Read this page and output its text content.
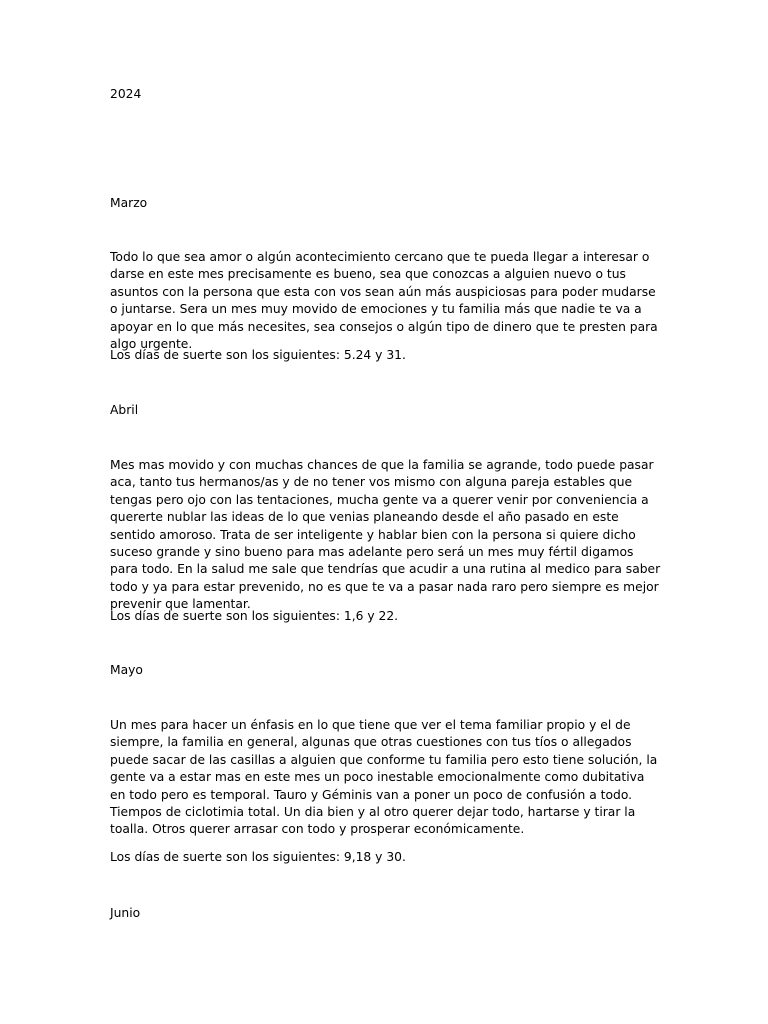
2024
Marzo
Todo lo que sea amor o algún acontecimiento cercano que te pueda llegar a interesar o darse en este mes precisamente es bueno, sea que conozcas a alguien nuevo o tus asuntos con la persona que esta con vos sean aún más auspiciosas para poder mudarse o juntarse. Sera un mes muy movido de emociones y tu familia más que nadie te va a apoyar en lo que más necesites, sea consejos o algún tipo de dinero que te presten para algo urgente.
Los días de suerte son los siguientes: 5.24 y 31.
Abril
Mes mas movido y con muchas chances de que la familia se agrande, todo puede pasar aca, tanto tus hermanos/as y de no tener vos mismo con alguna pareja estables que tengas pero ojo con las tentaciones, mucha gente va a querer venir por conveniencia a quererte nublar las ideas de lo que venias planeando desde el año pasado en este sentido amoroso. Trata de ser inteligente y hablar bien con la persona si quiere dicho suceso grande y sino bueno para mas adelante pero será un mes muy fértil digamos para todo. En la salud me sale que tendrías que acudir a una rutina al medico para saber todo y ya para estar prevenido, no es que te va a pasar nada raro pero siempre es mejor prevenir que lamentar.
Los días de suerte son los siguientes: 1,6 y 22.
Mayo
Un mes para hacer un énfasis en lo que tiene que ver el tema familiar propio y el de siempre, la familia en general, algunas que otras cuestiones con tus tíos o allegados puede sacar de las casillas a alguien que conforme tu familia pero esto tiene solución, la gente va a estar mas en este mes un poco inestable emocionalmente como dubitativa en todo pero es temporal. Tauro y Géminis van a poner un poco de confusión a todo. Tiempos de ciclotimia total. Un dia bien y al otro querer dejar todo, hartarse y tirar la toalla. Otros querer arrasar con todo y prosperar económicamente.
Los días de suerte son los siguientes: 9,18 y 30.
Junio
